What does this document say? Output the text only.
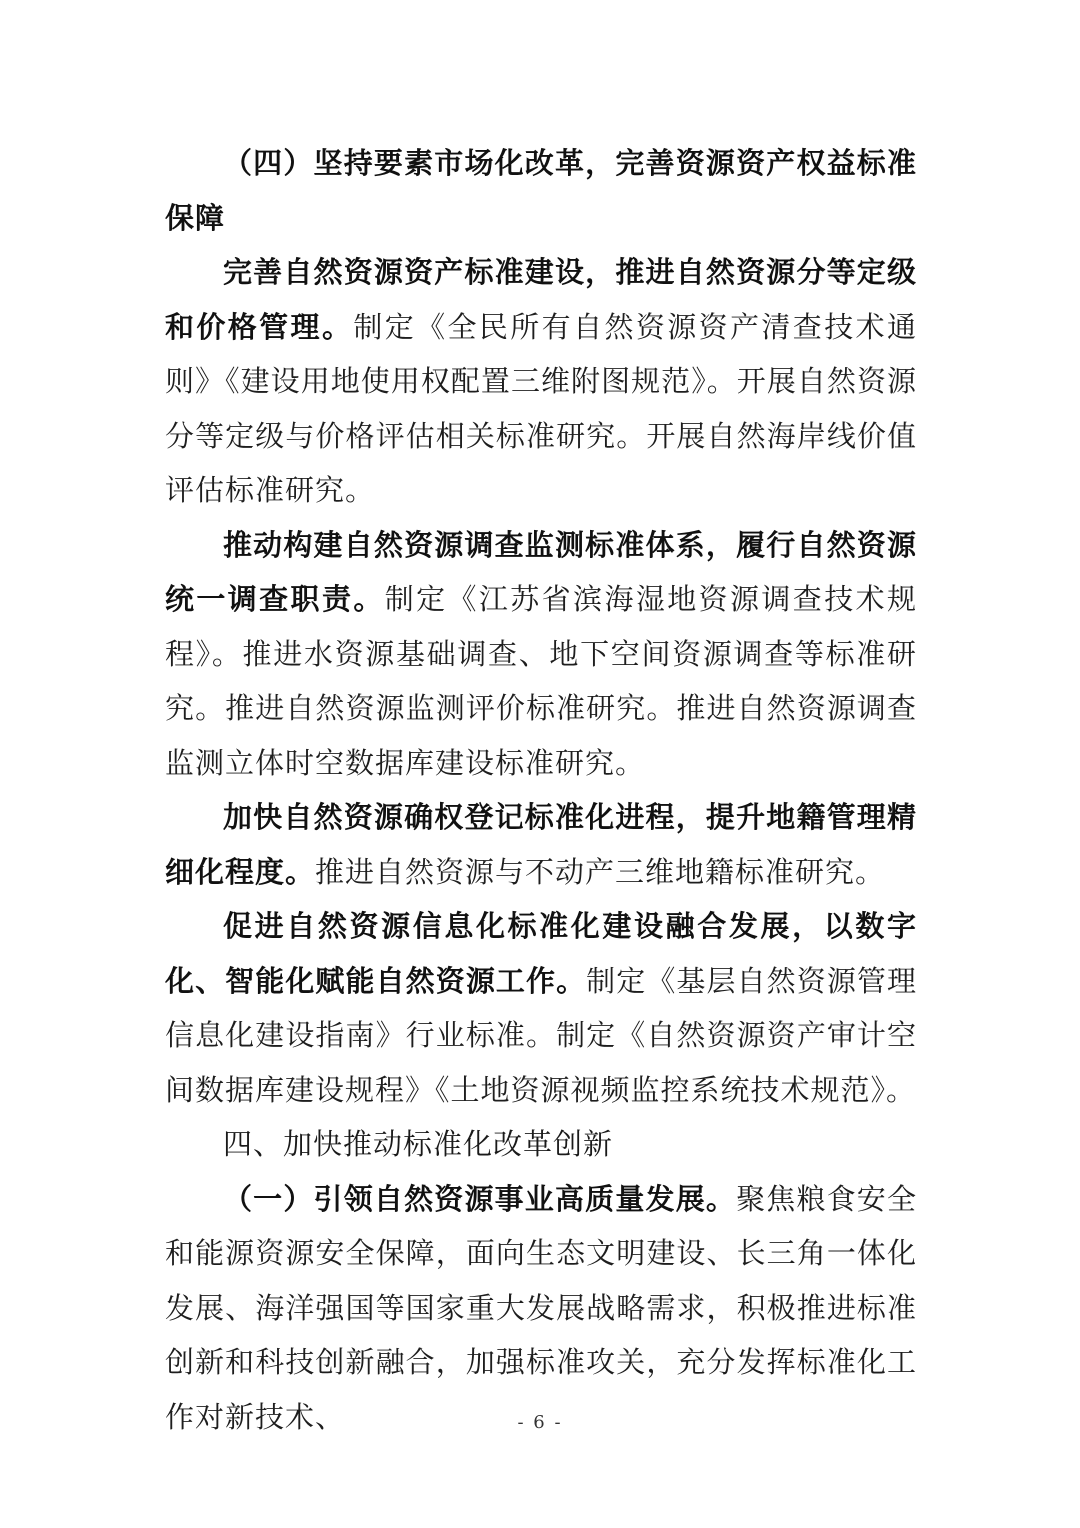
（四）坚持要素市场化改革，完善资源资产权益标准保障

完善自然资源资产标准建设，推进自然资源分等定级和价格管理。制定《全民所有自然资源资产清查技术通则》《建设用地使用权配置三维附图规范》。开展自然资源分等定级与价格评估相关标准研究。开展自然海岸线价值评估标准研究。

推动构建自然资源调查监测标准体系，履行自然资源统一调查职责。制定《江苏省滨海湿地资源调查技术规程》。推进水资源基础调查、地下空间资源调查等标准研究。推进自然资源监测评价标准研究。推进自然资源调查监测立体时空数据库建设标准研究。

加快自然资源确权登记标准化进程，提升地籍管理精细化程度。推进自然资源与不动产三维地籍标准研究。

促进自然资源信息化标准化建设融合发展，以数字化、智能化赋能自然资源工作。制定《基层自然资源管理信息化建设指南》行业标准。制定《自然资源资产审计空间数据库建设规程》《土地资源视频监控系统技术规范》。

四、加快推动标准化改革创新

（一）引领自然资源事业高质量发展。聚焦粮食安全和能源资源安全保障，面向生态文明建设、长三角一体化发展、海洋强国等国家重大发展战略需求，积极推进标准创新和科技创新融合，加强标准攻关，充分发挥标准化工作对新技术、	- 6 -
